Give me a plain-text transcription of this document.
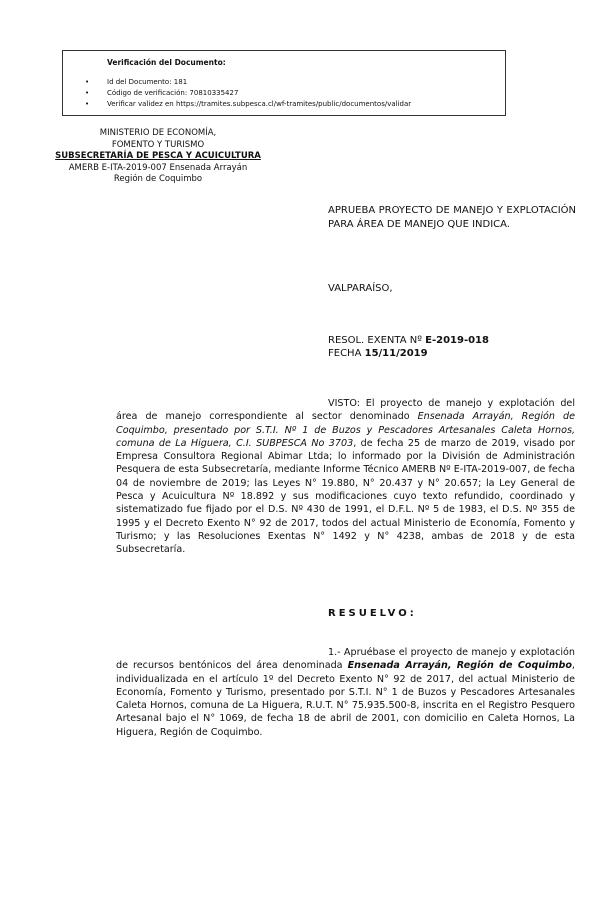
Verificación del Documento:
•	Id del Documento: 181
•	Código de verificación: 70810335427
•	Verificar validez en https://tramites.subpesca.cl/wf-tramites/public/documentos/validar
MINISTERIO DE ECONOMÍA,
FOMENTO Y TURISMO
SUBSECRETARÍA DE PESCA Y ACUICULTURA
AMERB E-ITA-2019-007 Ensenada Arrayán
Región de Coquimbo
APRUEBA PROYECTO DE MANEJO Y EXPLOTACIÓN PARA ÁREA DE MANEJO QUE INDICA.
VALPARAÍSO,
RESOL. EXENTA Nº E-2019-018
FECHA 15/11/2019
VISTO: El proyecto de manejo y explotación del área de manejo correspondiente al sector denominado Ensenada Arrayán, Región de Coquimbo, presentado por S.T.I. Nº 1 de Buzos y Pescadores Artesanales Caleta Hornos, comuna de La Higuera, C.I. SUBPESCA No 3703, de fecha 25 de marzo de 2019, visado por Empresa Consultora Regional Abimar Ltda; lo informado por la División de Administración Pesquera de esta Subsecretaría, mediante Informe Técnico AMERB Nº E-ITA-2019-007, de fecha 04 de noviembre de 2019; las Leyes N° 19.880, N° 20.437 y N° 20.657; la Ley General de Pesca y Acuicultura Nº 18.892 y sus modificaciones cuyo texto refundido, coordinado y sistematizado fue fijado por el D.S. Nº 430 de 1991, el D.F.L. Nº 5 de 1983, el D.S. Nº 355 de 1995 y el Decreto Exento N° 92 de 2017, todos del actual Ministerio de Economía, Fomento y Turismo; y las Resoluciones Exentas N° 1492 y N° 4238, ambas de 2018 y de esta Subsecretaría.
RESUELVO:
1.- Apruébase el proyecto de manejo y explotación de recursos bentónicos del área denominada Ensenada Arrayán, Región de Coquimbo, individualizada en el artículo 1º del Decreto Exento N° 92 de 2017, del actual Ministerio de Economía, Fomento y Turismo, presentado por S.T.I. N° 1 de Buzos y Pescadores Artesanales Caleta Hornos, comuna de La Higuera, R.U.T. N° 75.935.500-8, inscrita en el Registro Pesquero Artesanal bajo el N° 1069, de fecha 18 de abril de 2001, con domicilio en Caleta Hornos, La Higuera, Región de Coquimbo.
